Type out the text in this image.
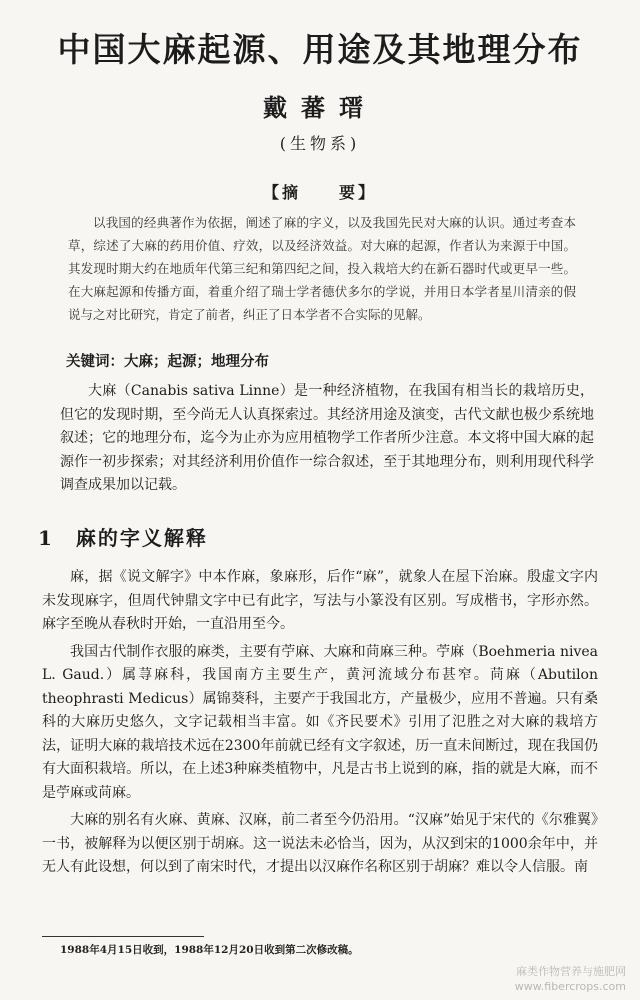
中国大麻起源、用途及其地理分布
戴蕃瑨
(生物系)
【摘　　要】

以我国的经典著作为依据，阐述了麻的字义，以及我国先民对大麻的认识。通过考查本草，综述了大麻的药用价值、疗效，以及经济效益。对大麻的起源，作者认为来源于中国。其发现时期大约在地质年代第三纪和第四纪之间，投入栽培大约在新石器时代或更早一些。在大麻起源和传播方面，着重介绍了瑞士学者德伏多尔的学说，并用日本学者星川清亲的假说与之对比研究，肯定了前者，纠正了日本学者不合实际的见解。

关键词：大麻；起源；地理分布

大麻（Canabis sativa Linne）是一种经济植物，在我国有相当长的栽培历史，但它的发现时期，至今尚无人认真探索过。其经济用途及演变，古代文献也极少系统地叙述；它的地理分布，迄今为止亦为应用植物学工作者所少注意。本文将中国大麻的起源作一初步探索；对其经济利用价值作一综合叙述，至于其地理分布，则利用现代科学调查成果加以记载。

1　麻的字义解释

麻，据《说文解字》中本作麻，象麻形，后作“麻”，就象人在屋下治麻。殷虚文字内未发现麻字，但周代钟鼎文字中已有此字，写法与小篆没有区别。写成楷书，字形亦然。麻字至晚从春秋时开始，一直沿用至今。

我国古代制作衣服的麻类，主要有苧麻、大麻和苘麻三种。苧麻（Boehmeria nivea L. Gaud.）属荨麻科，我国南方主要生产，黄河流域分布甚窄。苘麻（Abutilon theophrasti Medicus）属锦葵科，主要产于我国北方，产量极少，应用不普遍。只有桑科的大麻历史悠久，文字记载相当丰富。如《齐民要术》引用了氾胜之对大麻的栽培方法，证明大麻的栽培技术远在2300年前就已经有文字叙述，历一直未间断过，现在我国仍有大面积栽培。所以，在上述3种麻类植物中，凡是古书上说到的麻，指的就是大麻，而不是苧麻或苘麻。

大麻的别名有火麻、黄麻、汉麻，前二者至今仍沿用。“汉麻”始见于宋代的《尔雅翼》一书，被解释为以便区别于胡麻。这一说法未必恰当，因为，从汉到宋的1000余年中，并无人有此设想，何以到了南宋时代，才提出以汉麻作名称区别于胡麻？难以令人信服。南

1988年4月15日收到，1988年12月20日收到第二次修改稿。
麻类作物营养与施肥网
www.fibercrops.com
